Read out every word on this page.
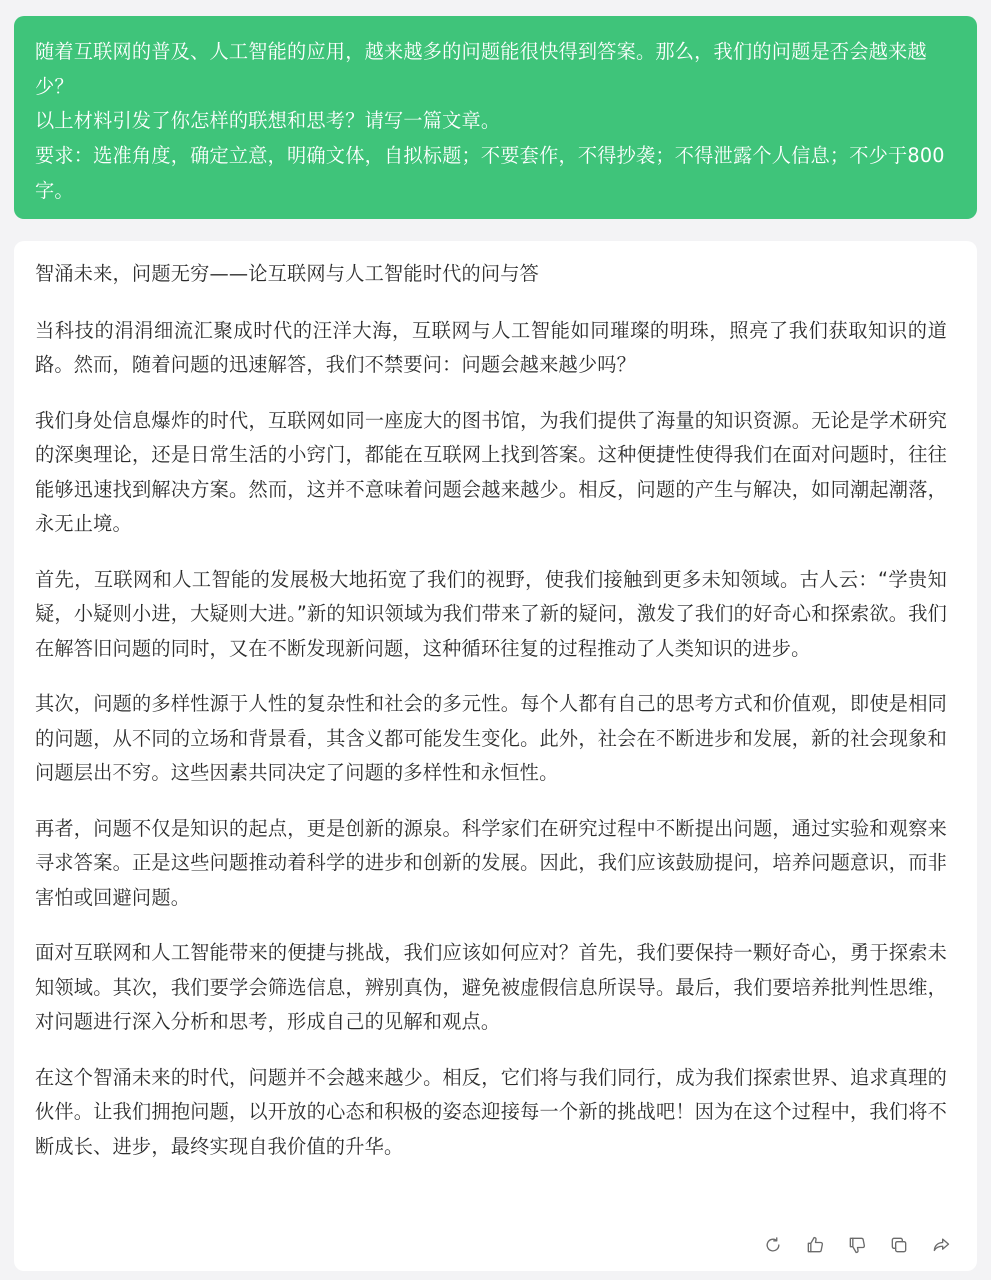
随着互联网的普及、人工智能的应用，越来越多的问题能很快得到答案。那么，我们的问题是否会越来越少？
以上材料引发了你怎样的联想和思考？请写一篇文章。
要求：选准角度，确定立意，明确文体，自拟标题；不要套作，不得抄袭；不得泄露个人信息；不少于800字。
智涌未来，问题无穷——论互联网与人工智能时代的问与答
当科技的涓涓细流汇聚成时代的汪洋大海，互联网与人工智能如同璀璨的明珠，照亮了我们获取知识的道路。然而，随着问题的迅速解答，我们不禁要问：问题会越来越少吗？
我们身处信息爆炸的时代，互联网如同一座庞大的图书馆，为我们提供了海量的知识资源。无论是学术研究的深奥理论，还是日常生活的小窍门，都能在互联网上找到答案。这种便捷性使得我们在面对问题时，往往能够迅速找到解决方案。然而，这并不意味着问题会越来越少。相反，问题的产生与解决，如同潮起潮落，永无止境。
首先，互联网和人工智能的发展极大地拓宽了我们的视野，使我们接触到更多未知领域。古人云：“学贵知疑，小疑则小进，大疑则大进。”新的知识领域为我们带来了新的疑问，激发了我们的好奇心和探索欲。我们在解答旧问题的同时，又在不断发现新问题，这种循环往复的过程推动了人类知识的进步。
其次，问题的多样性源于人性的复杂性和社会的多元性。每个人都有自己的思考方式和价值观，即使是相同的问题，从不同的立场和背景看，其含义都可能发生变化。此外，社会在不断进步和发展，新的社会现象和问题层出不穷。这些因素共同决定了问题的多样性和永恒性。
再者，问题不仅是知识的起点，更是创新的源泉。科学家们在研究过程中不断提出问题，通过实验和观察来寻求答案。正是这些问题推动着科学的进步和创新的发展。因此，我们应该鼓励提问，培养问题意识，而非害怕或回避问题。
面对互联网和人工智能带来的便捷与挑战，我们应该如何应对？首先，我们要保持一颗好奇心，勇于探索未知领域。其次，我们要学会筛选信息，辨别真伪，避免被虚假信息所误导。最后，我们要培养批判性思维，对问题进行深入分析和思考，形成自己的见解和观点。
在这个智涌未来的时代，问题并不会越来越少。相反，它们将与我们同行，成为我们探索世界、追求真理的伙伴。让我们拥抱问题，以开放的心态和积极的姿态迎接每一个新的挑战吧！因为在这个过程中，我们将不断成长、进步，最终实现自我价值的升华。
